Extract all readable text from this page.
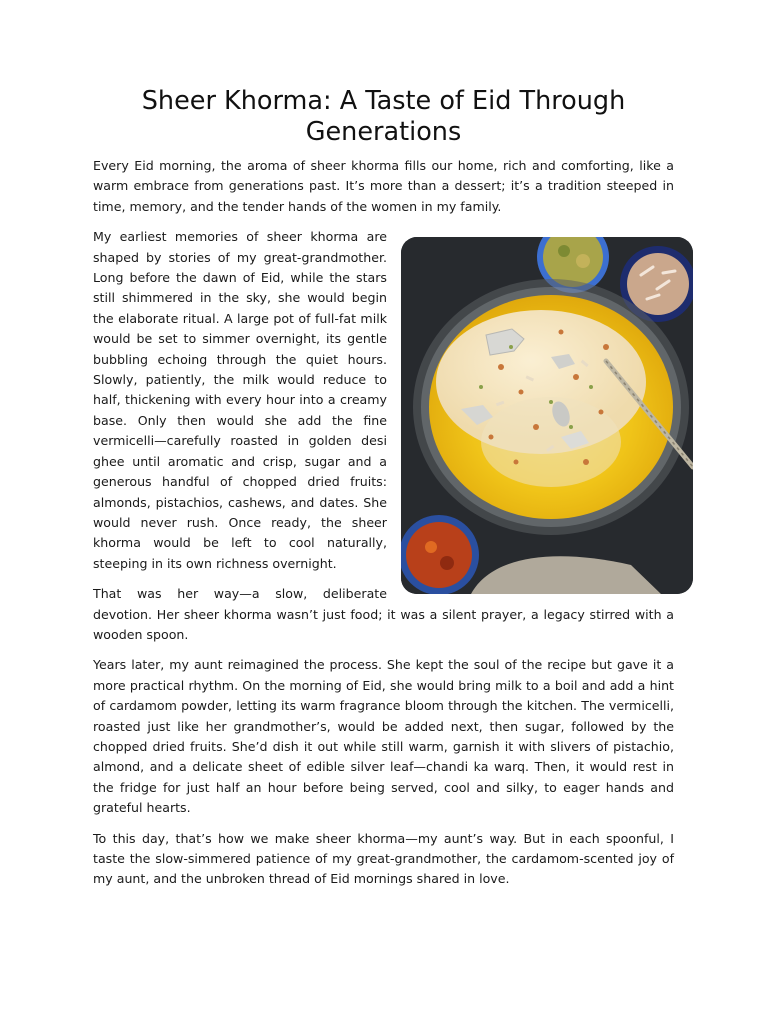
Sheer Khorma: A Taste of Eid Through Generations

Every Eid morning, the aroma of sheer khorma fills our home, rich and comforting, like a warm embrace from generations past. It’s more than a dessert; it’s a tradition steeped in time, memory, and the tender hands of the women in my family.

My earliest memories of sheer khorma are shaped by stories of my great-grandmother. Long before the dawn of Eid, while the stars still shimmered in the sky, she would begin the elaborate ritual. A large pot of full-fat milk would be set to simmer overnight, its gentle bubbling echoing through the quiet hours. Slowly, patiently, the milk would reduce to half, thickening with every hour into a creamy base. Only then would she add the fine vermicelli—carefully roasted in golden desi ghee until aromatic and crisp, sugar and a generous handful of chopped dried fruits: almonds, pistachios, cashews, and dates. She would never rush. Once ready, the sheer khorma would be left to cool naturally, steeping in its own richness overnight.

That was her way—a slow, deliberate devotion. Her sheer khorma wasn’t just food; it was a silent prayer, a legacy stirred with a wooden spoon.

Years later, my aunt reimagined the process. She kept the soul of the recipe but gave it a more practical rhythm. On the morning of Eid, she would bring milk to a boil and add a hint of cardamom powder, letting its warm fragrance bloom through the kitchen. The vermicelli, roasted just like her grandmother’s, would be added next, then sugar, followed by the chopped dried fruits. She’d dish it out while still warm, garnish it with slivers of pistachio, almond, and a delicate sheet of edible silver leaf—chandi ka warq. Then, it would rest in the fridge for just half an hour before being served, cool and silky, to eager hands and grateful hearts.

To this day, that’s how we make sheer khorma—my aunt’s way. But in each spoonful, I taste the slow-simmered patience of my great-grandmother, the cardamom-scented joy of my aunt, and the unbroken thread of Eid mornings shared in love.
